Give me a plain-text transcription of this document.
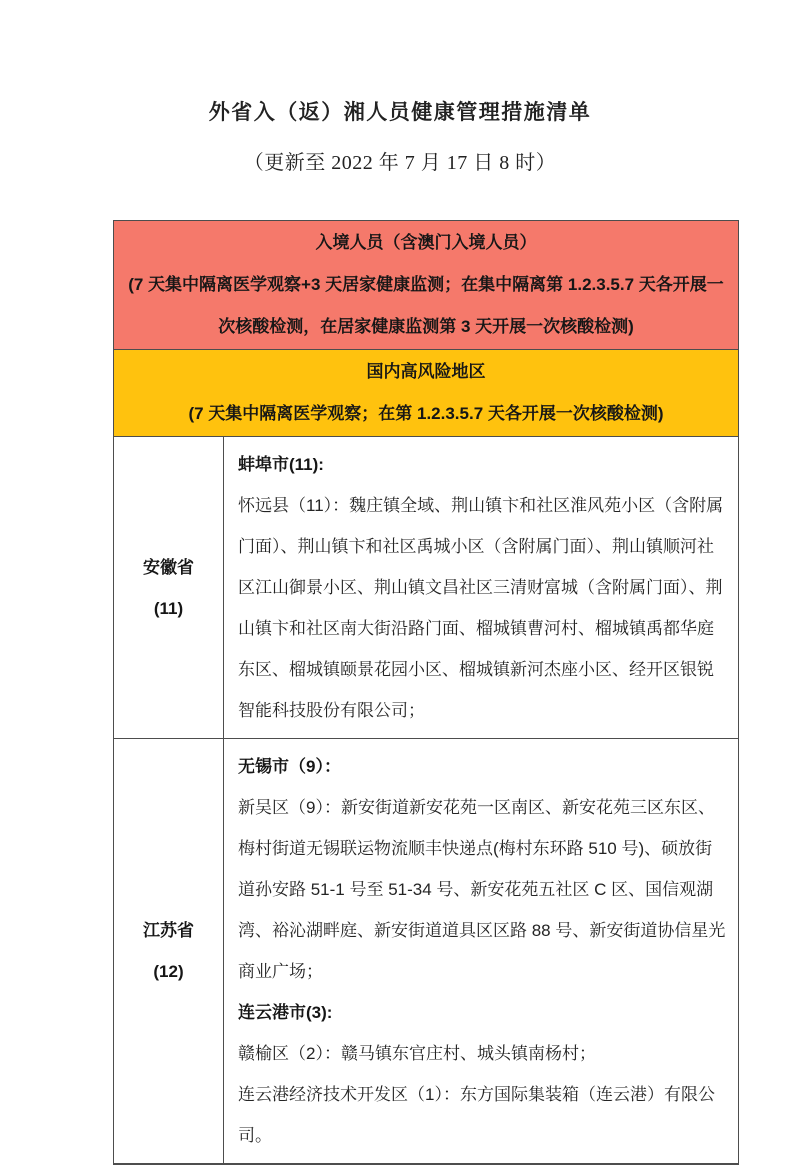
外省入（返）湘人员健康管理措施清单
（更新至 2022 年 7 月 17 日 8 时）

入境人员（含澳门入境人员）

(7 天集中隔离医学观察+3 天居家健康监测；在集中隔离第 1.2.3.5.7 天各开展一次核酸检测，在居家健康监测第 3 天开展一次核酸检测)

国内高风险地区

(7 天集中隔离医学观察；在第 1.2.3.5.7 天各开展一次核酸检测)

安徽省

(11)

蚌埠市(11):

怀远县（11）：魏庄镇全域、荆山镇卞和社区淮风苑小区（含附属门面）、荆山镇卞和社区禹城小区（含附属门面）、荆山镇顺河社区江山御景小区、荆山镇文昌社区三清财富城（含附属门面）、荆山镇卞和社区南大街沿路门面、榴城镇曹河村、榴城镇禹都华庭东区、榴城镇颐景花园小区、榴城镇新河杰座小区、经开区银锐智能科技股份有限公司；

江苏省

(12)

无锡市（9）：

新吴区（9）：新安街道新安花苑一区南区、新安花苑三区东区、梅村街道无锡联运物流顺丰快递点(梅村东环路 510 号)、硕放街道孙安路 51-1 号至 51-34 号、新安花苑五社区 C 区、国信观湖湾、裕沁湖畔庭、新安街道道具区区路 88 号、新安街道协信星光商业广场；

连云港市(3):

赣榆区（2）：赣马镇东官庄村、城头镇南杨村；

连云港经济技术开发区（1）：东方国际集装箱（连云港）有限公司。
